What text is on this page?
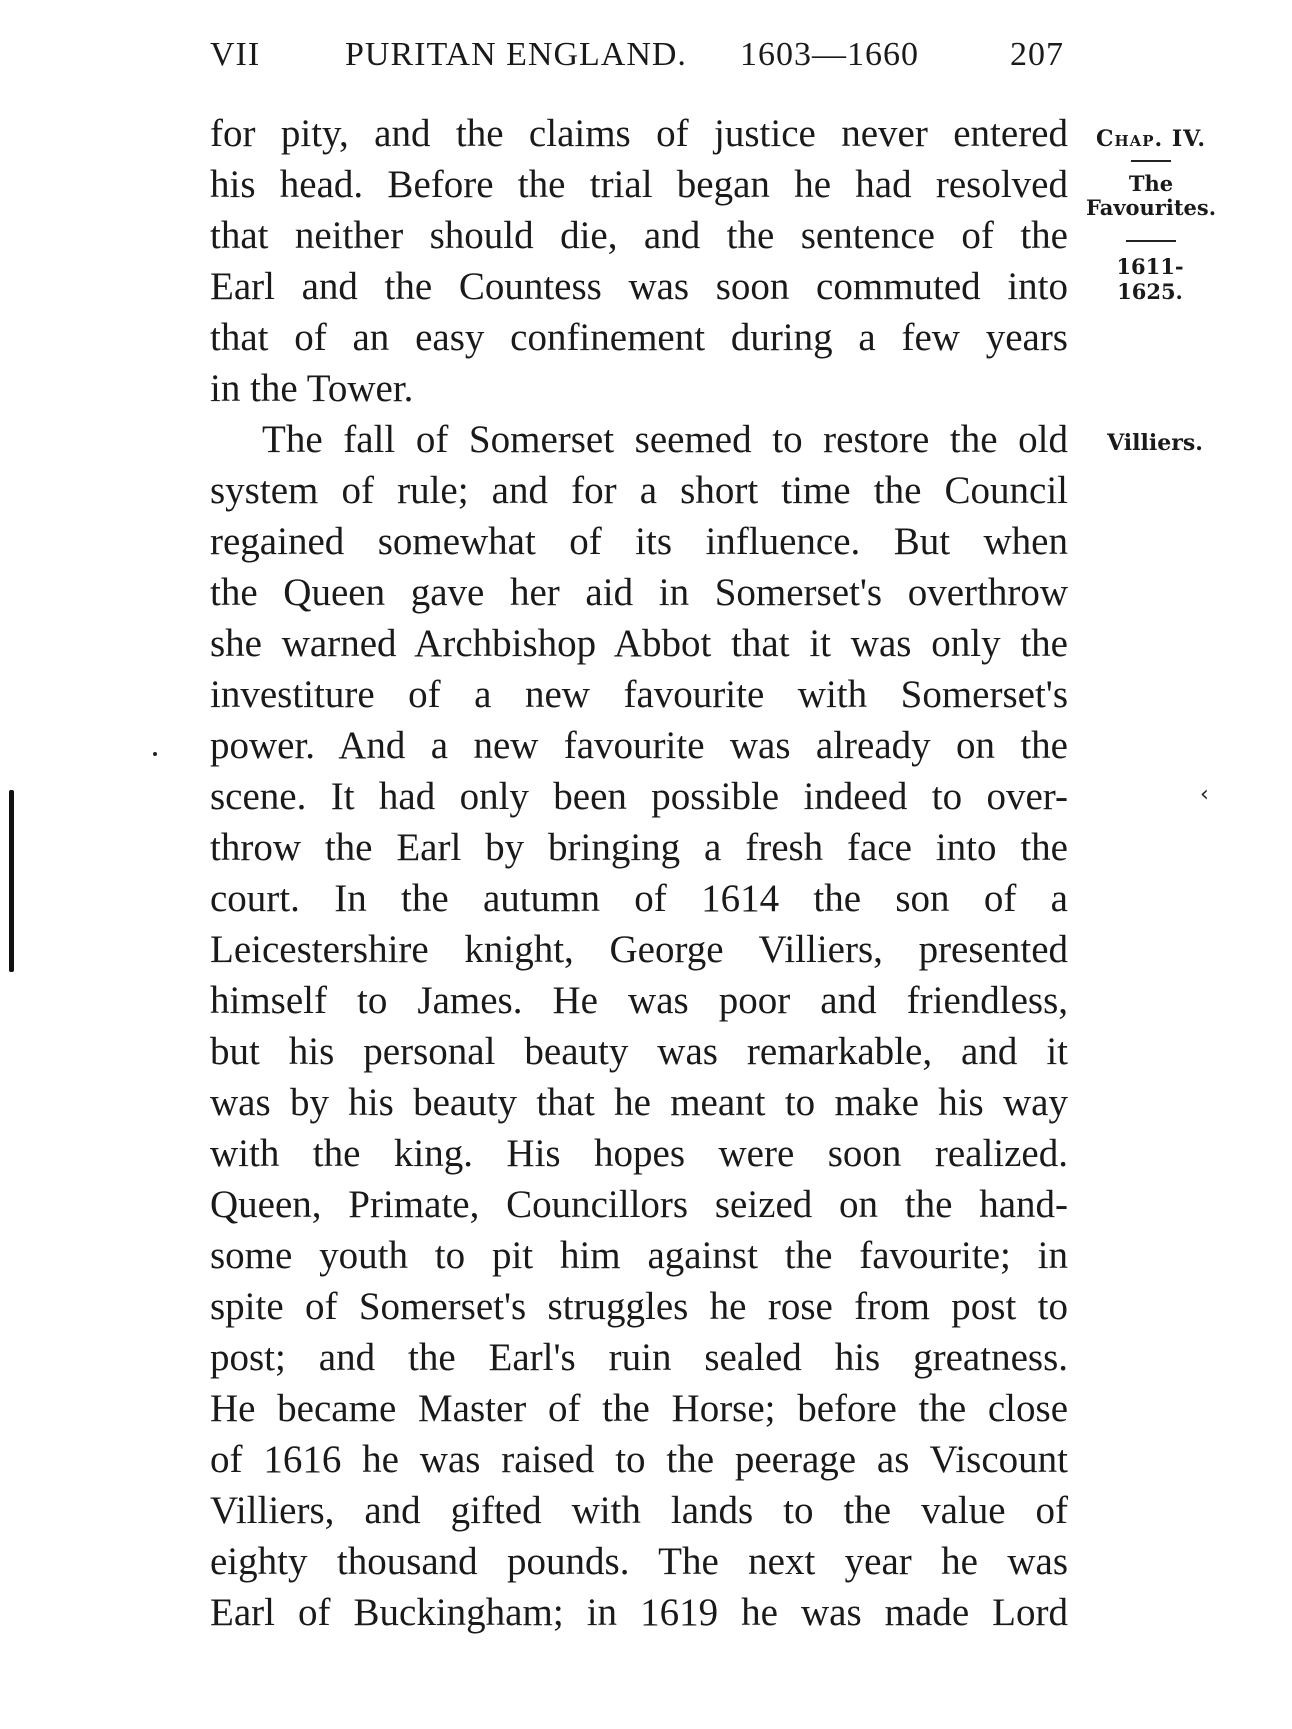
VII PURITAN ENGLAND. 1603—1660	207
for pity, and the claims of justice never entered
his head. Before the trial began he had resolved
that neither should die, and the sentence of the
Earl and the Countess was soon commuted into
that of an easy confinement during a few years
in the Tower.
The fall of Somerset seemed to restore the old
system of rule; and for a short time the Council
regained somewhat of its influence. But when
the Queen gave her aid in Somerset's overthrow
she warned Archbishop Abbot that it was only the
investiture of a new favourite with Somerset's
power. And a new favourite was already on the
scene. It had only been possible indeed to over-
throw the Earl by bringing a fresh face into the
court. In the autumn of 1614 the son of a
Leicestershire knight, George Villiers, presented
himself to James. He was poor and friendless,
but his personal beauty was remarkable, and it
was by his beauty that he meant to make his way
with the king. His hopes were soon realized.
Queen, Primate, Councillors seized on the hand-
some youth to pit him against the favourite; in
spite of Somerset's struggles he rose from post to
post; and the Earl's ruin sealed his greatness.
He became Master of the Horse; before the close
of 1616 he was raised to the peerage as Viscount
Villiers, and gifted with lands to the value of
eighty thousand pounds. The next year he was
Earl of Buckingham; in 1619 he was made Lord
Chap. IV.
The
Favourites.
1611-1625.
Villiers.
‹
